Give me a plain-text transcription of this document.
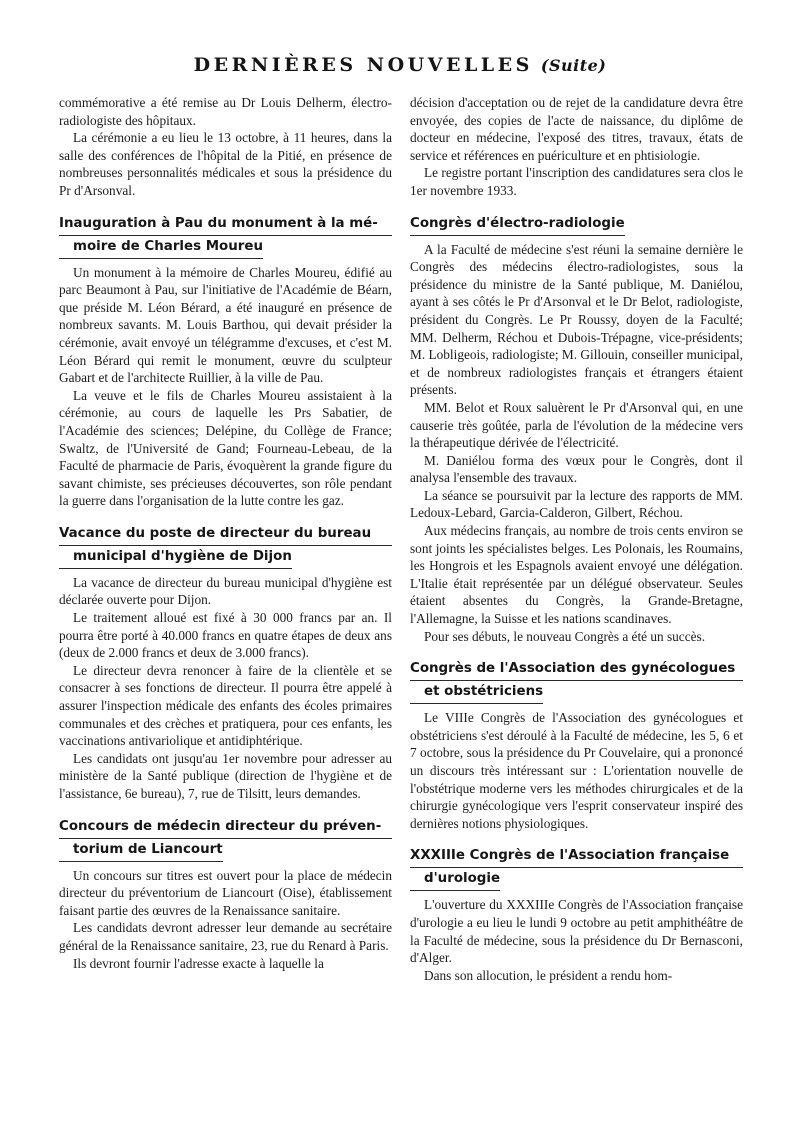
DERNIÈRES NOUVELLES (Suite)

commémorative a été remise au Dr Louis Delherm, électro-radiologiste des hôpitaux.

La cérémonie a eu lieu le 13 octobre, à 11 heures, dans la salle des conférences de l'hôpital de la Pitié, en présence de nombreuses personnalités médicales et sous la présidence du Pr d'Arsonval.

Inauguration à Pau du monument à la mé-
moire de Charles Moureu

Un monument à la mémoire de Charles Moureu, édifié au parc Beaumont à Pau, sur l'initiative de l'Académie de Béarn, que préside M. Léon Bérard, a été inauguré en présence de nombreux savants. M. Louis Barthou, qui devait présider la cérémonie, avait envoyé un télégramme d'excuses, et c'est M. Léon Bérard qui remit le monument, œuvre du sculpteur Gabart et de l'architecte Ruillier, à la ville de Pau.

La veuve et le fils de Charles Moureu assistaient à la cérémonie, au cours de laquelle les Prs Sabatier, de l'Académie des sciences; Delépine, du Collège de France; Swaltz, de l'Université de Gand; Fourneau-Lebeau, de la Faculté de pharmacie de Paris, évoquèrent la grande figure du savant chimiste, ses précieuses découvertes, son rôle pendant la guerre dans l'organisation de la lutte contre les gaz.

Vacance du poste de directeur du bureau
municipal d'hygiène de Dijon

La vacance de directeur du bureau municipal d'hygiène est déclarée ouverte pour Dijon.

Le traitement alloué est fixé à 30 000 francs par an. Il pourra être porté à 40.000 francs en quatre étapes de deux ans (deux de 2.000 francs et deux de 3.000 francs).

Le directeur devra renoncer à faire de la clientèle et se consacrer à ses fonctions de directeur. Il pourra être appelé à assurer l'inspection médicale des enfants des écoles primaires communales et des crèches et pratiquera, pour ces enfants, les vaccinations antivariolique et antidiphtérique.

Les candidats ont jusqu'au 1er novembre pour adresser au ministère de la Santé publique (direction de l'hygiène et de l'assistance, 6e bureau), 7, rue de Tilsitt, leurs demandes.

Concours de médecin directeur du préven-
torium de Liancourt

Un concours sur titres est ouvert pour la place de médecin directeur du préventorium de Liancourt (Oise), établissement faisant partie des œuvres de la Renaissance sanitaire.

Les candidats devront adresser leur demande au secrétaire général de la Renaissance sanitaire, 23, rue du Renard à Paris.

Ils devront fournir l'adresse exacte à laquelle la

décision d'acceptation ou de rejet de la candidature devra être envoyée, des copies de l'acte de naissance, du diplôme de docteur en médecine, l'exposé des titres, travaux, états de service et références en puériculture et en phtisiologie.

Le registre portant l'inscription des candidatures sera clos le 1er novembre 1933.

Congrès d'électro-radiologie

A la Faculté de médecine s'est réuni la semaine dernière le Congrès des médecins électro-radiologistes, sous la présidence du ministre de la Santé publique, M. Daniélou, ayant à ses côtés le Pr d'Arsonval et le Dr Belot, radiologiste, président du Congrès. Le Pr Roussy, doyen de la Faculté; MM. Delherm, Réchou et Dubois-Trépagne, vice-présidents; M. Lobligeois, radiologiste; M. Gillouin, conseiller municipal, et de nombreux radiologistes français et étrangers étaient présents.

MM. Belot et Roux saluèrent le Pr d'Arsonval qui, en une causerie très goûtée, parla de l'évolution de la médecine vers la thérapeutique dérivée de l'électricité.

M. Daniélou forma des vœux pour le Congrès, dont il analysa l'ensemble des travaux.

La séance se poursuivit par la lecture des rapports de MM. Ledoux-Lebard, Garcia-Calderon, Gilbert, Réchou.

Aux médecins français, au nombre de trois cents environ se sont joints les spécialistes belges. Les Polonais, les Roumains, les Hongrois et les Espagnols avaient envoyé une délégation. L'Italie était représentée par un délégué observateur. Seules étaient absentes du Congrès, la Grande-Bretagne, l'Allemagne, la Suisse et les nations scandinaves.

Pour ses débuts, le nouveau Congrès a été un succès.

Congrès de l'Association des gynécologues
et obstétriciens

Le VIIIe Congrès de l'Association des gynécologues et obstétriciens s'est déroulé à la Faculté de médecine, les 5, 6 et 7 octobre, sous la présidence du Pr Couvelaire, qui a prononcé un discours très intéressant sur : L'orientation nouvelle de l'obstétrique moderne vers les méthodes chirurgicales et de la chirurgie gynécologique vers l'esprit conservateur inspiré des dernières notions physiologiques.

XXXIIIe Congrès de l'Association française
d'urologie

L'ouverture du XXXIIIe Congrès de l'Association française d'urologie a eu lieu le lundi 9 octobre au petit amphithéâtre de la Faculté de médecine, sous la présidence du Dr Bernasconi, d'Alger.

Dans son allocution, le président a rendu hom-
